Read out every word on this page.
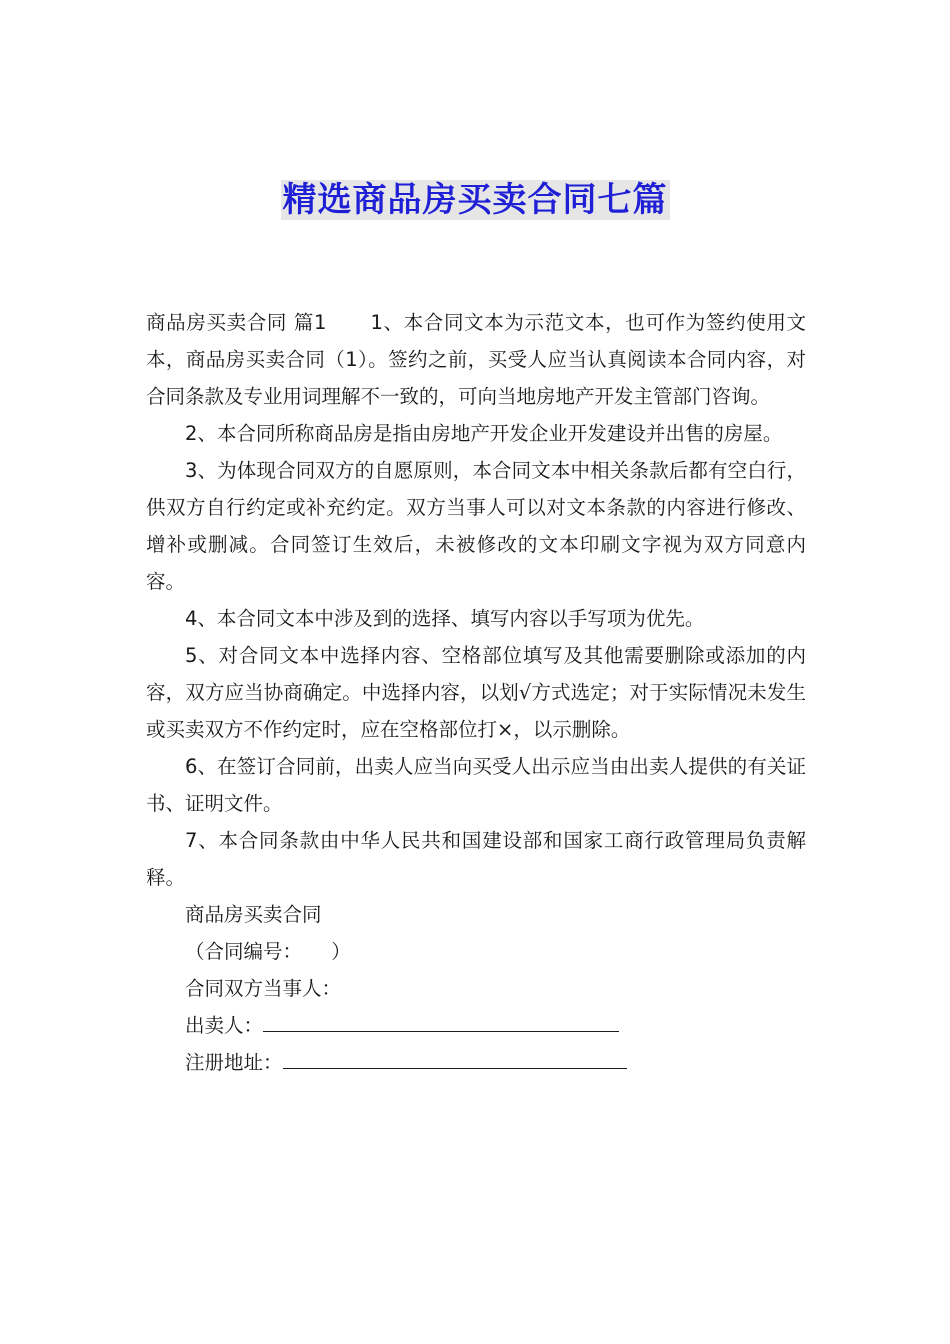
精选商品房买卖合同七篇

商品房买卖合同 篇1 1、本合同文本为示范文本，也可作为签约使用文本，商品房买卖合同（1）。签约之前，买受人应当认真阅读本合同内容，对合同条款及专业用词理解不一致的，可向当地房地产开发主管部门咨询。

2、本合同所称商品房是指由房地产开发企业开发建设并出售的房屋。

3、为体现合同双方的自愿原则，本合同文本中相关条款后都有空白行，供双方自行约定或补充约定。双方当事人可以对文本条款的内容进行修改、增补或删减。合同签订生效后，未被修改的文本印刷文字视为双方同意内容。

4、本合同文本中涉及到的选择、填写内容以手写项为优先。

5、对合同文本中选择内容、空格部位填写及其他需要删除或添加的内容，双方应当协商确定。中选择内容，以划√方式选定；对于实际情况未发生或买卖双方不作约定时，应在空格部位打×，以示删除。

6、在签订合同前，出卖人应当向买受人出示应当由出卖人提供的有关证书、证明文件。

7、本合同条款由中华人民共和国建设部和国家工商行政管理局负责解释。

商品房买卖合同

（合同编号：　　）

合同双方当事人：

出卖人：

注册地址：
